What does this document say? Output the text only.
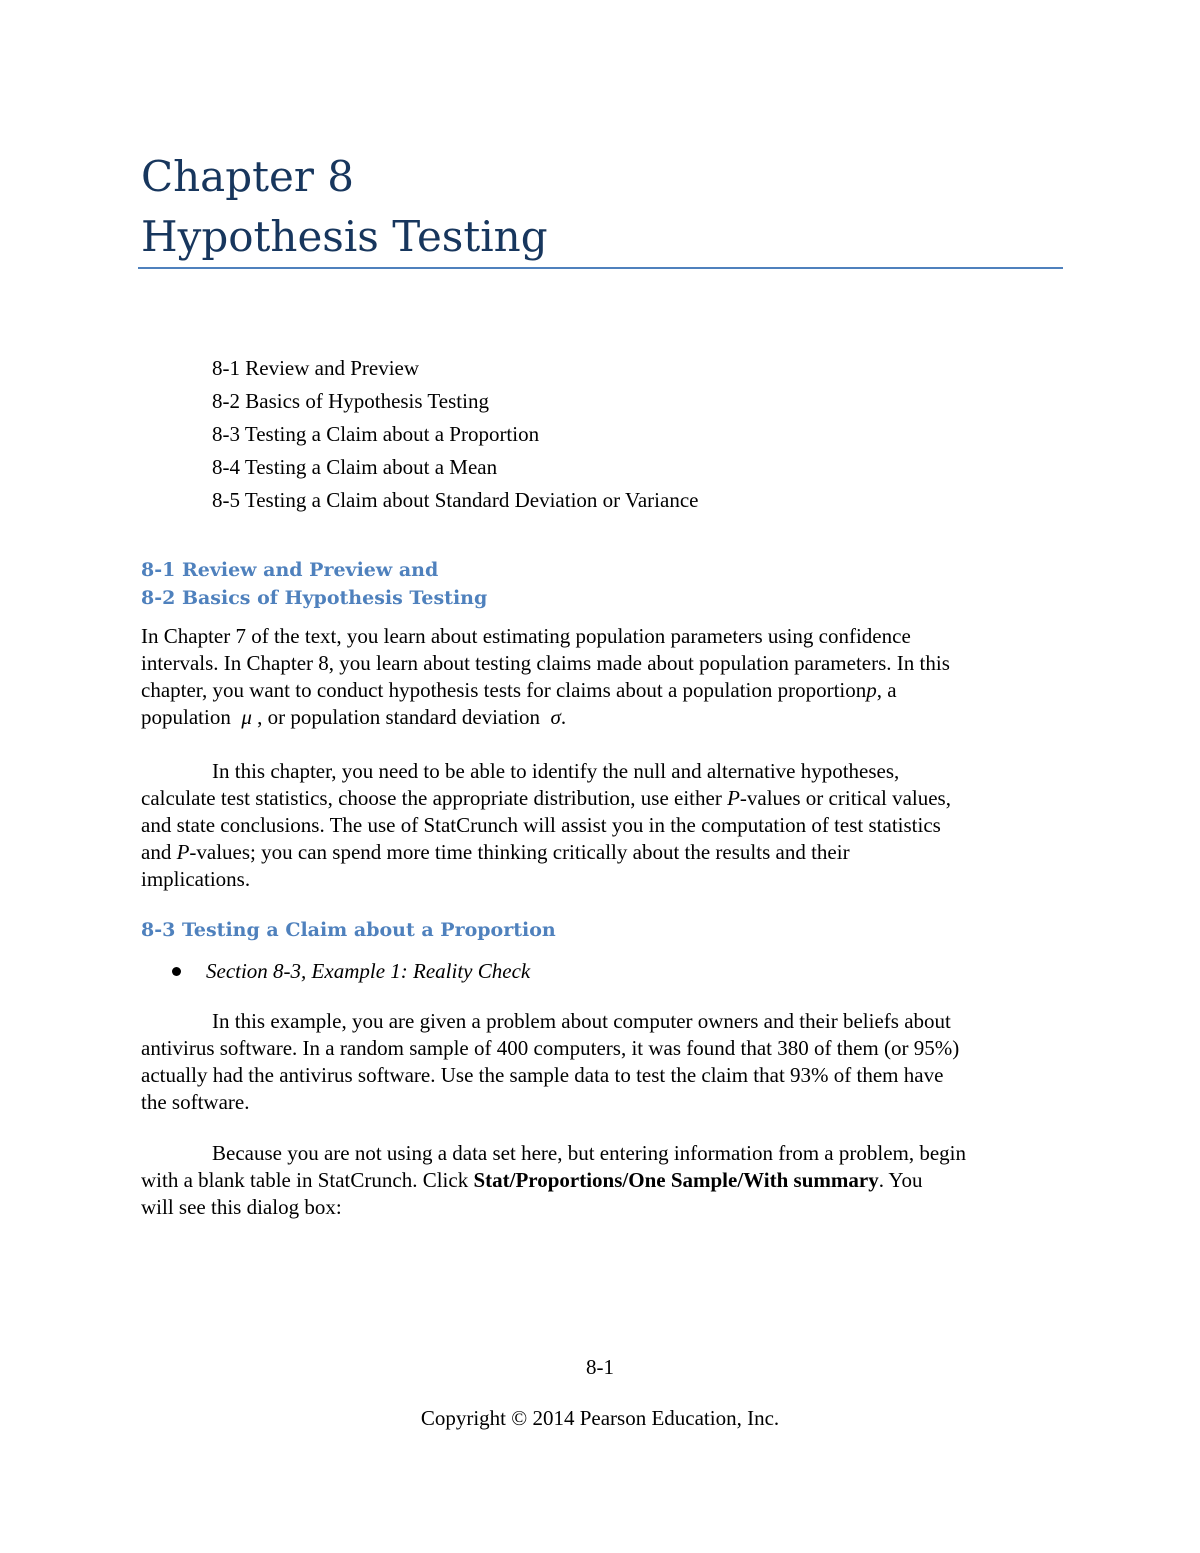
Chapter 8
Hypothesis Testing
8-1 Review and Preview
8-2 Basics of Hypothesis Testing
8-3 Testing a Claim about a Proportion
8-4 Testing a Claim about a Mean
8-5 Testing a Claim about Standard Deviation or Variance
8-1 Review and Preview and
8-2 Basics of Hypothesis Testing

In Chapter 7 of the text, you learn about estimating population parameters using confidence
intervals. In Chapter 8, you learn about testing claims made about population parameters. In this
chapter, you want to conduct hypothesis tests for claims about a population proportionp, a
population μ , or population standard deviation σ.

In this chapter, you need to be able to identify the null and alternative hypotheses,
calculate test statistics, choose the appropriate distribution, use either P-values or critical values,
and state conclusions. The use of StatCrunch will assist you in the computation of test statistics
and P-values; you can spend more time thinking critically about the results and their
implications.

8-3 Testing a Claim about a Proportion
Section 8-3, Example 1: Reality Check

In this example, you are given a problem about computer owners and their beliefs about
antivirus software. In a random sample of 400 computers, it was found that 380 of them (or 95%)
actually had the antivirus software. Use the sample data to test the claim that 93% of them have
the software.

Because you are not using a data set here, but entering information from a problem, begin
with a blank table in StatCrunch. Click Stat/Proportions/One Sample/With summary. You
will see this dialog box:

8-1
Copyright © 2014 Pearson Education, Inc.
